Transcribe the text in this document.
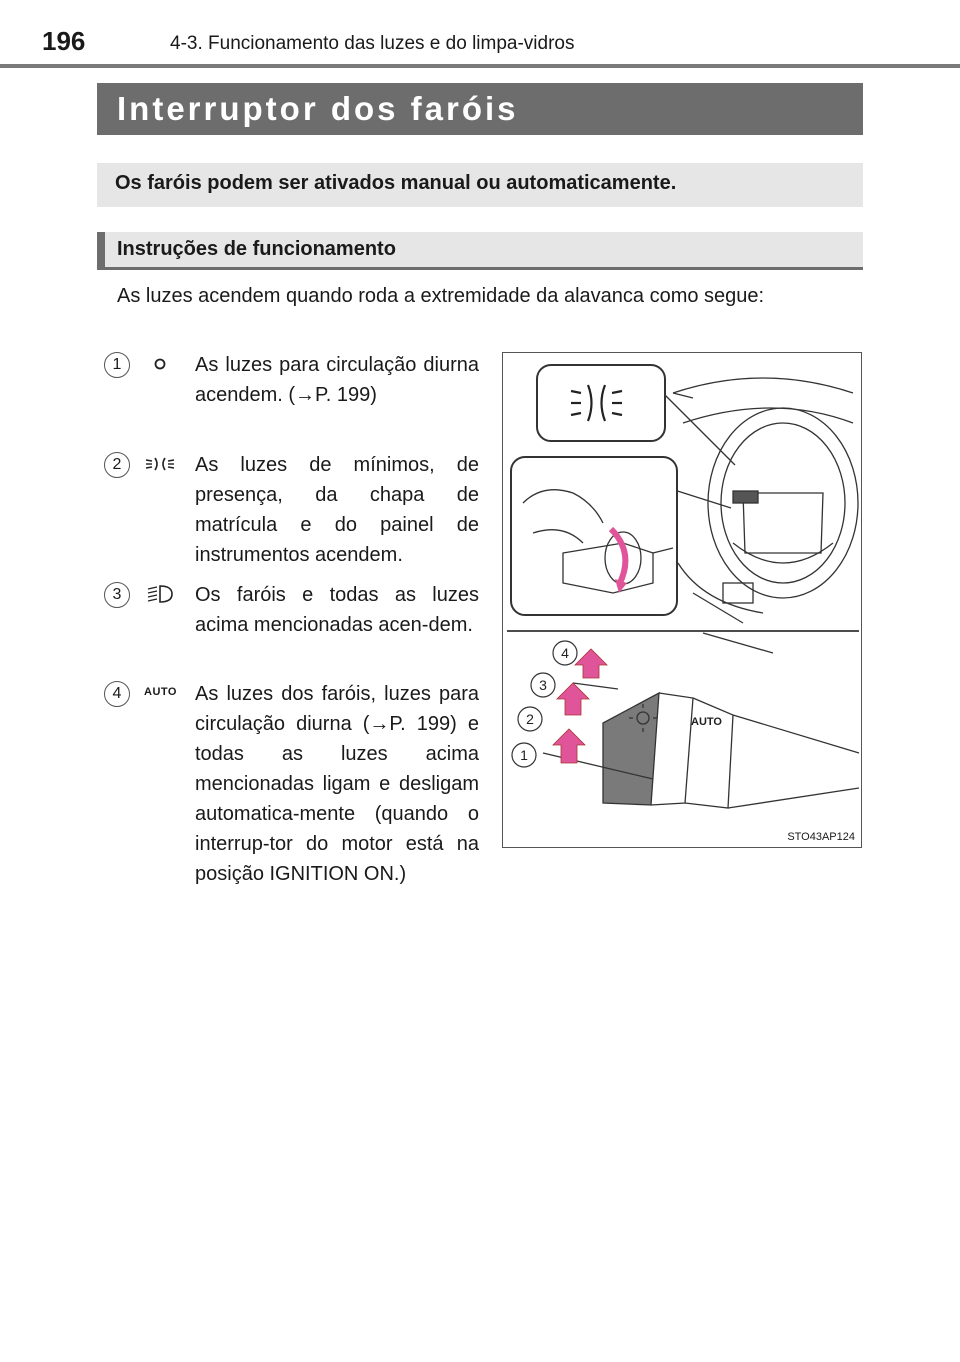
196	4-3. Funcionamento das luzes e do limpa-vidros
Interruptor dos faróis
Os faróis podem ser ativados manual ou automaticamente.
Instruções de funcionamento
As luzes acendem quando roda a extremidade da alavanca como segue:
1	As luzes para circulação diurna acendem. (→P. 199)
2	As luzes de mínimos, de presença, da chapa de matrícula e do painel de instrumentos acendem.
3	Os faróis e todas as luzes acima mencionadas acen-dem.
4	AUTO As luzes dos faróis, luzes para circulação diurna (→P. 199) e todas as luzes acima mencionadas ligam e desligam automatica-mente (quando o interrup-tor do motor está na posição IGNITION ON.)
AUTO
1
2
3
4
STO43AP124
